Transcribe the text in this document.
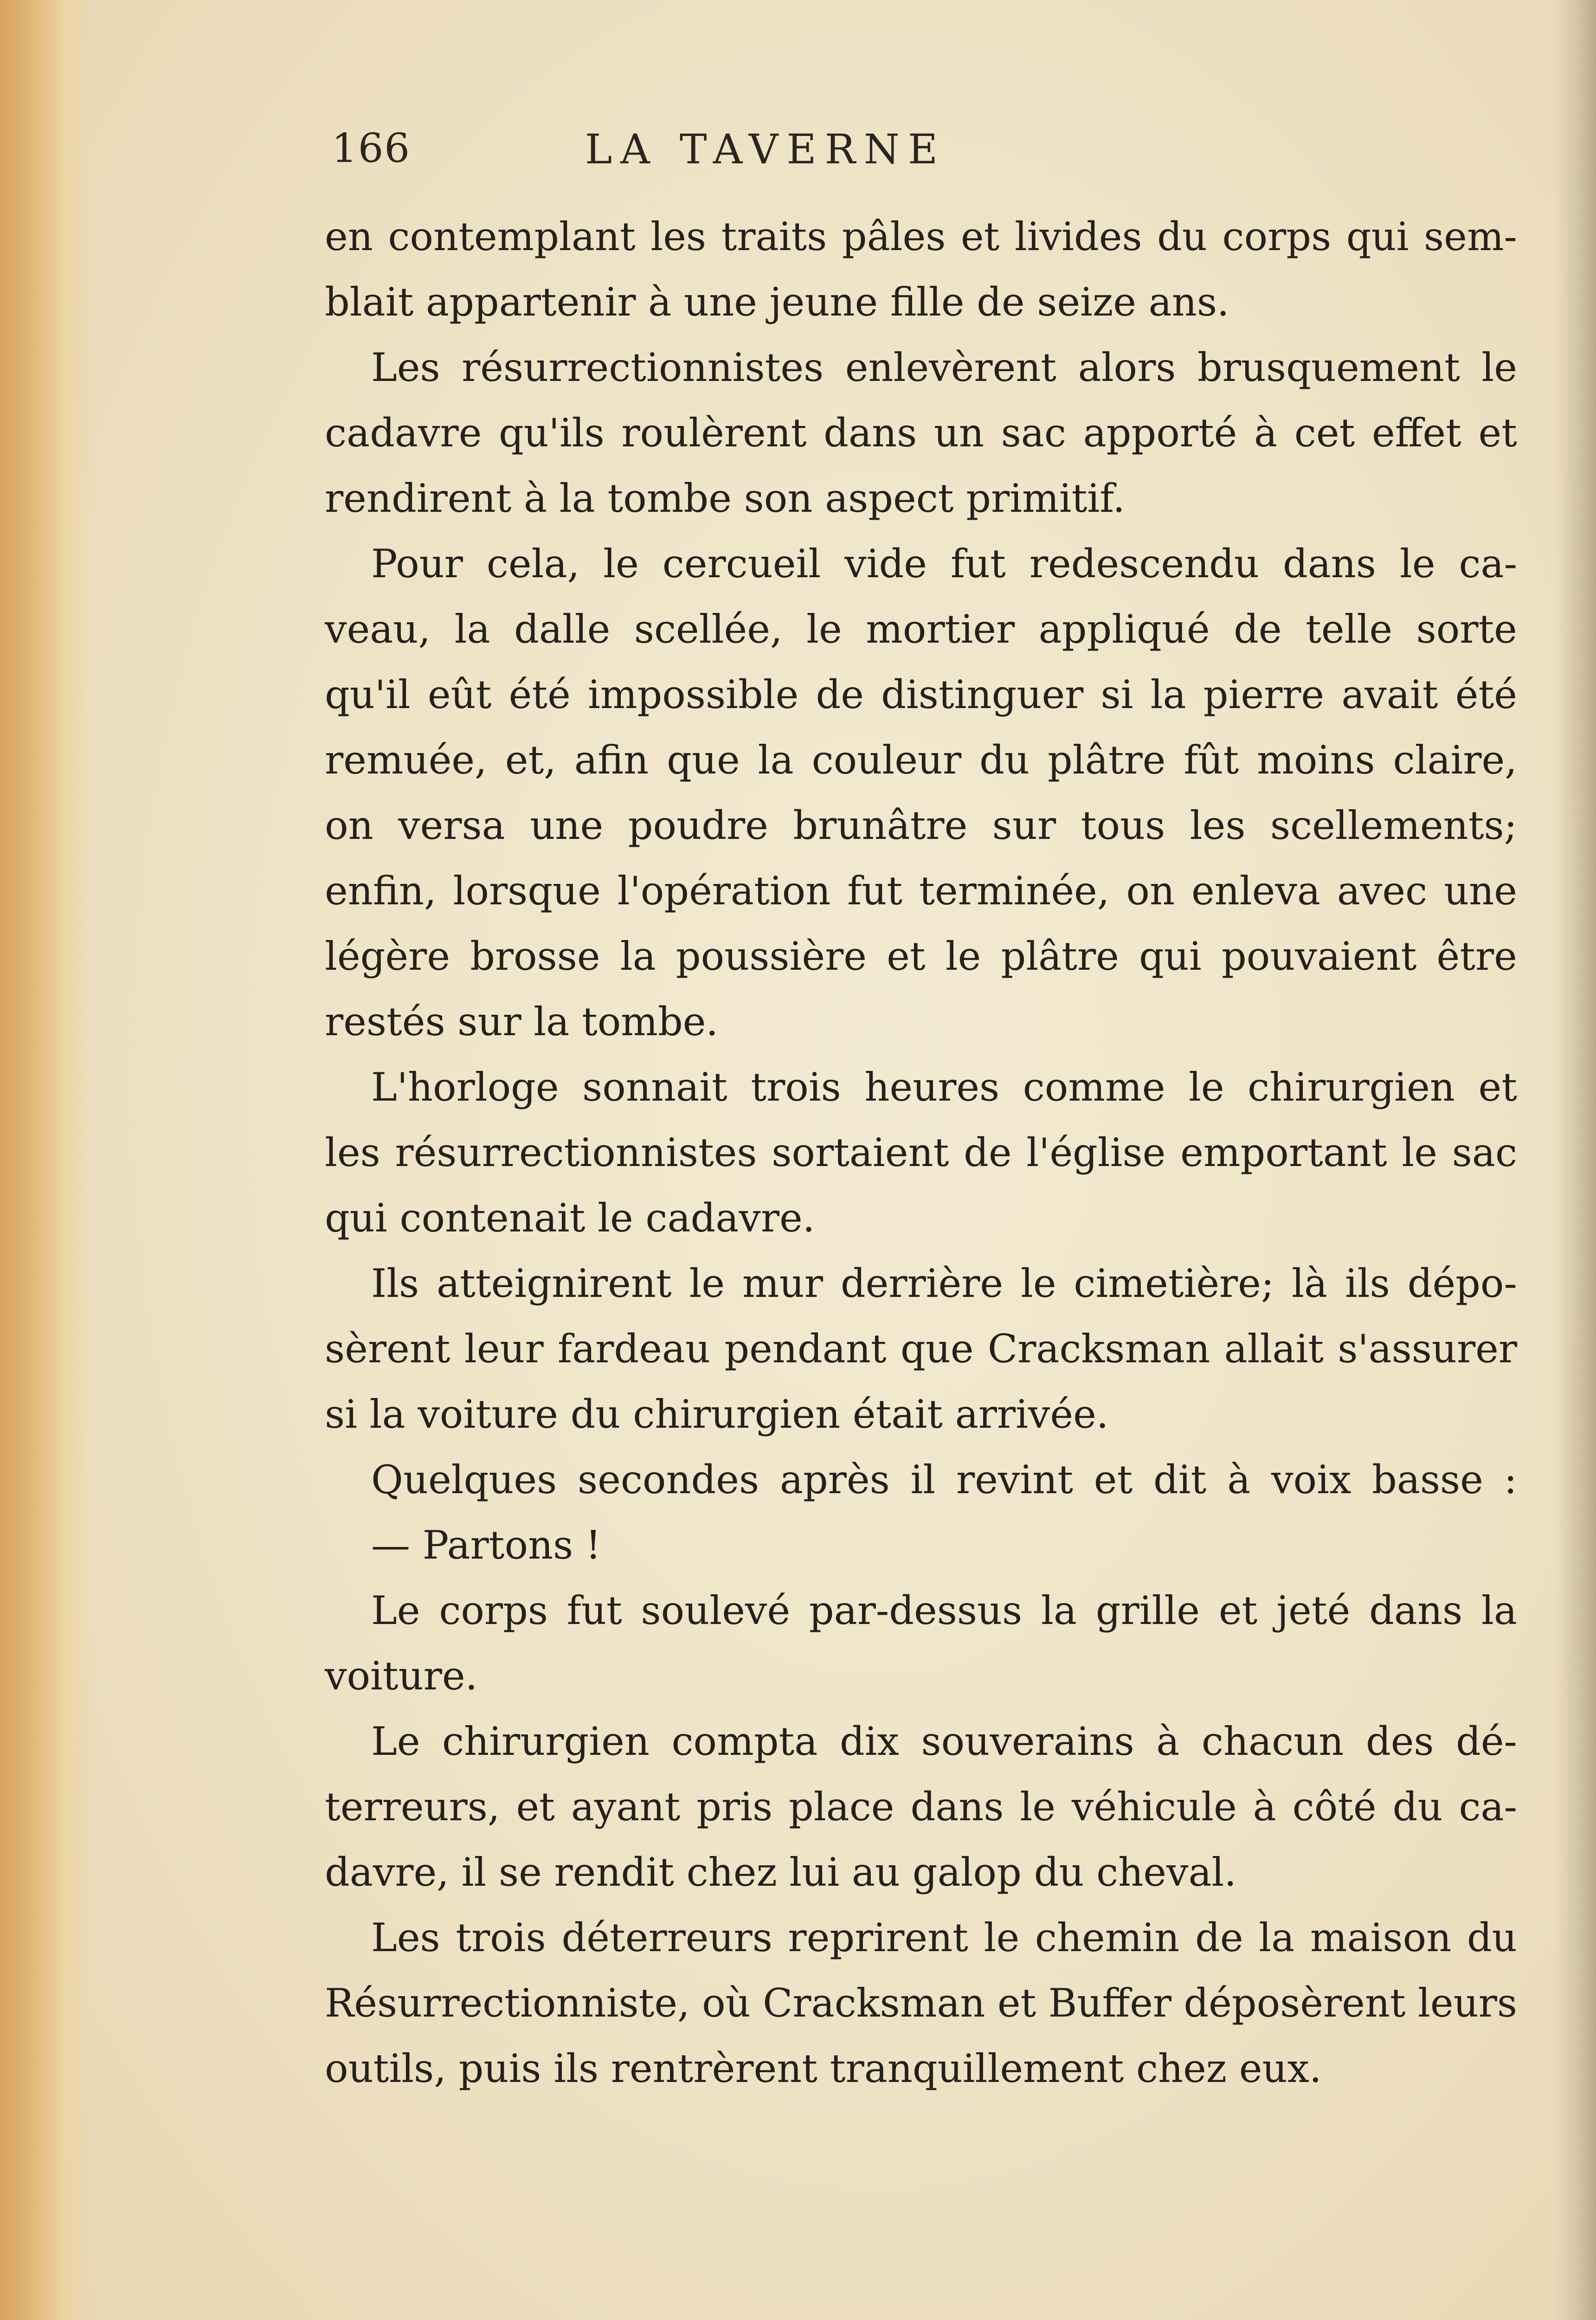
166	LA TAVERNE
en contemplant les traits pâles et livides du corps qui sem-
blait appartenir à une jeune fille de seize ans.
Les résurrectionnistes enlevèrent alors brusquement le
cadavre qu'ils roulèrent dans un sac apporté à cet effet et
rendirent à la tombe son aspect primitif.
Pour cela, le cercueil vide fut redescendu dans le ca-
veau, la dalle scellée, le mortier appliqué de telle sorte
qu'il eût été impossible de distinguer si la pierre avait été
remuée, et, afin que la couleur du plâtre fût moins claire,
on versa une poudre brunâtre sur tous les scellements;
enfin, lorsque l'opération fut terminée, on enleva avec une
légère brosse la poussière et le plâtre qui pouvaient être
restés sur la tombe.
L'horloge sonnait trois heures comme le chirurgien et
les résurrectionnistes sortaient de l'église emportant le sac
qui contenait le cadavre.
Ils atteignirent le mur derrière le cimetière; là ils dépo-
sèrent leur fardeau pendant que Cracksman allait s'assurer
si la voiture du chirurgien était arrivée.
Quelques secondes après il revint et dit à voix basse :
— Partons !
Le corps fut soulevé par-dessus la grille et jeté dans la
voiture.
Le chirurgien compta dix souverains à chacun des dé-
terreurs, et ayant pris place dans le véhicule à côté du ca-
davre, il se rendit chez lui au galop du cheval.
Les trois déterreurs reprirent le chemin de la maison du
Résurrectionniste, où Cracksman et Buffer déposèrent leurs
outils, puis ils rentrèrent tranquillement chez eux.
